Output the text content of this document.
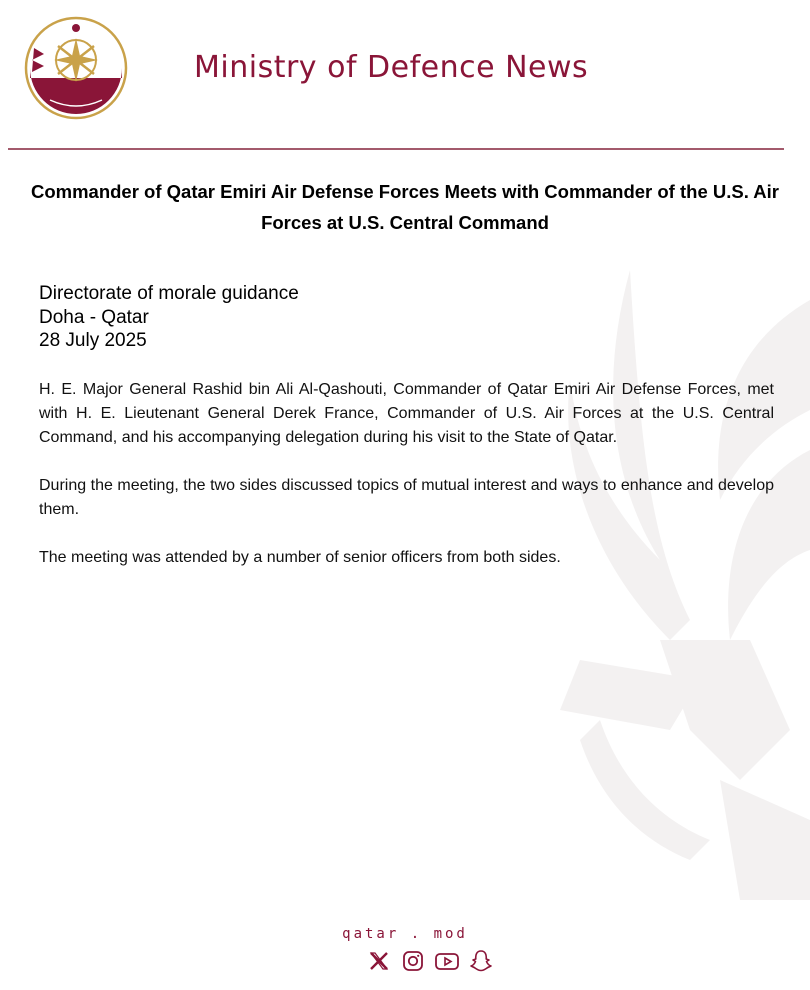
Ministry of Defence News
Commander of Qatar Emiri Air Defense Forces Meets with Commander of the U.S. Air Forces at U.S. Central Command
Directorate of morale guidance
Doha - Qatar
28 July 2025

H. E. Major General Rashid bin Ali Al-Qashouti, Commander of Qatar Emiri Air Defense Forces, met with H. E. Lieutenant General Derek France, Commander of U.S. Air Forces at the U.S. Central Command, and his accompanying delegation during his visit to the State of Qatar.

During the meeting, the two sides discussed topics of mutual interest and ways to enhance and develop them.

The meeting was attended by a number of senior officers from both sides.

qatar . mod
